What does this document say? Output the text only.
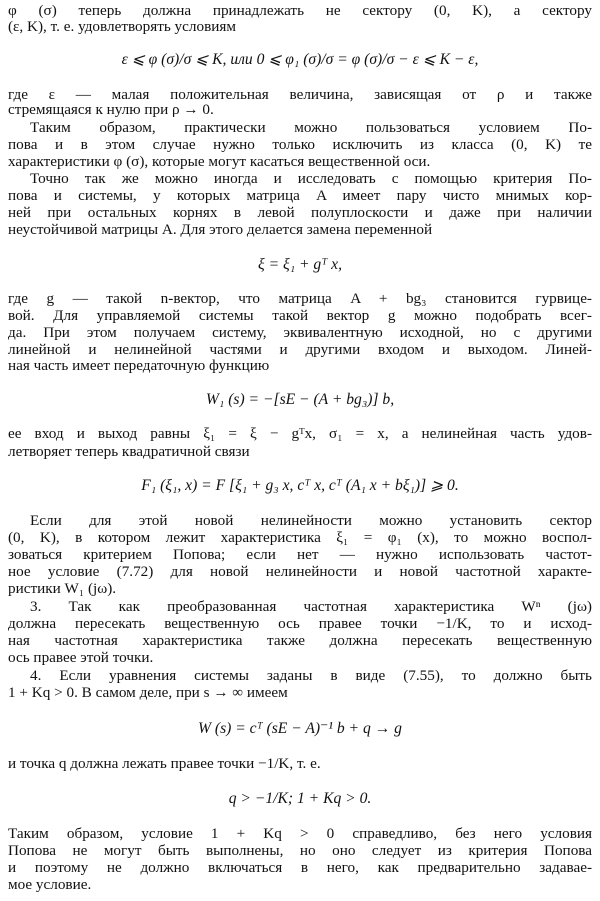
φ (σ) теперь должна принадлежать не сектору (0, K), а сектору
(ε, K), т. е. удовлетворять условиям
ε ⩽ φ (σ)/σ ⩽ K, или 0 ⩽ φ₁ (σ)/σ = φ (σ)/σ − ε ⩽ K − ε,
где ε — малая положительная величина, зависящая от ρ и также
стремящаяся к нулю при ρ → 0.
Таким образом, практически можно пользоваться условием По-
пова и в этом случае нужно только исключить из класса (0, K) те
характеристики φ (σ), которые могут касаться вещественной оси.
Точно так же можно иногда и исследовать с помощью критерия По-
пова и системы, у которых матрица A имеет пару чисто мнимых кор-
ней при остальных корнях в левой полуплоскости и даже при наличии
неустойчивой матрицы A. Для этого делается замена переменной
ξ = ξ₁ + gᵀ x,
где g — такой n-вектор, что матрица A + bg₃ становится гурвице-
вой. Для управляемой системы такой вектор g можно подобрать всег-
да. При этом получаем систему, эквивалентную исходной, но с другими
линейной и нелинейной частями и другими входом и выходом. Линей-
ная часть имеет передаточную функцию
W₁ (s) = −[sE − (A + bg₃)] b,
ее вход и выход равны ξ₁ = ξ − gᵀx, σ₁ = x, а нелинейная часть удов-
летворяет теперь квадратичной связи
F₁ (ξ₁, x) = F [ξ₁ + g₃ x, cᵀ x, cᵀ (A₁ x + bξ₁)] ⩾ 0.
Если для этой новой нелинейности можно установить сектор
(0, K), в котором лежит характеристика ξ₁ = φ₁ (x), то можно воспол-
зоваться критерием Попова; если нет — нужно использовать частот-
ное условие (7.72) для новой нелинейности и новой частотной характе-
ристики W₁ (jω).
3. Так как преобразованная частотная характеристика Wⁿ (jω)
должна пересекать вещественную ось правее точки −1/K, то и исход-
ная частотная характеристика также должна пересекать вещественную
ось правее этой точки.
4. Если уравнения системы заданы в виде (7.55), то должно быть
1 + Kq > 0. В самом деле, при s → ∞ имеем
W (s) = cᵀ (sE − A)⁻¹ b + q → g
и точка q должна лежать правее точки −1/K, т. е.
q > −1/K; 1 + Kq > 0.
Таким образом, условие 1 + Kq > 0 справедливо, без него условия
Попова не могут быть выполнены, но оно следует из критерия Попова
и поэтому не должно включаться в него, как предварительно задавае-
мое условие.
